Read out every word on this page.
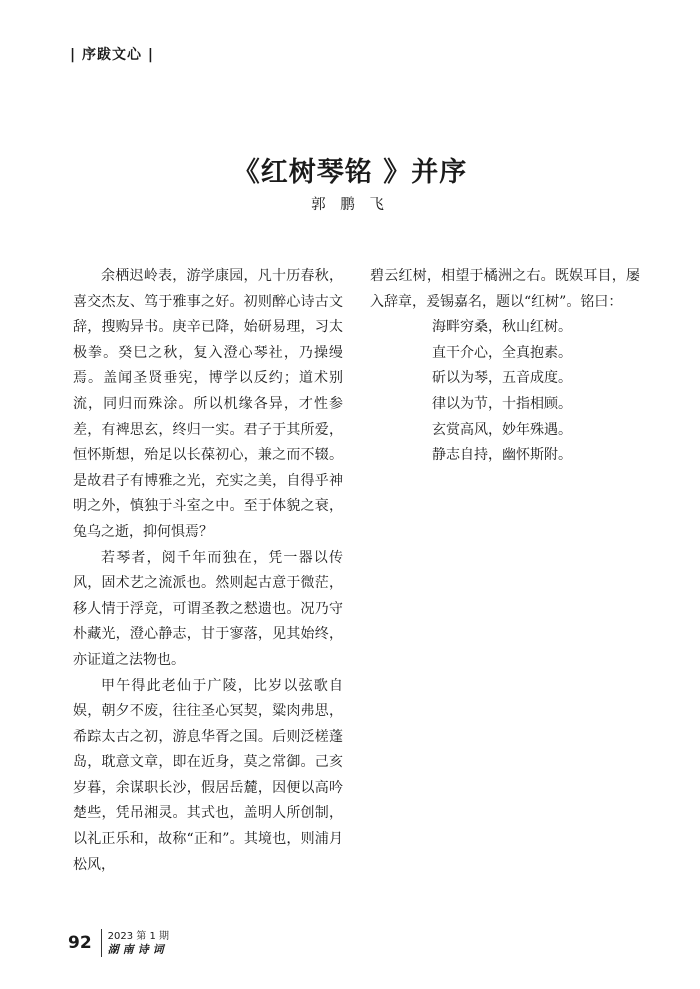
| 序跋文心 |
《红树琴铭 》并序
郭 鹏 飞

余栖迟岭表，游学康园，凡十历春秋，喜交杰友、笃于雅事之好。初则醉心诗古文辞，搜购异书。庚辛已降，始研易理，习太极拳。癸巳之秋，复入澄心琴社，乃操缦焉。盖闻圣贤垂宪，博学以反约；道术别流，同归而殊涂。所以机缘各异，才性参差，有裨思玄，终归一实。君子于其所爱，恒怀斯想，殆足以长葆初心，兼之而不辍。是故君子有博雅之光，充实之美，自得乎神明之外，慎独于斗室之中。至于体貌之衰，兔乌之逝，抑何惧焉？

若琴者，阅千年而独在，凭一器以传风，固术艺之流派也。然则起古意于微茫，移人情于浮竞，可谓圣教之慭遗也。况乃守朴藏光，澄心静志，甘于寥落，见其始终，亦证道之法物也。

甲午得此老仙于广陵，比岁以弦歌自娱，朝夕不废，往往圣心冥契，粱肉弗思，希踪太古之初，游息华胥之国。后则泛槎蓬岛，耽意文章，即在近身，莫之常御。己亥岁暮，余谋职长沙，假居岳麓，因便以高吟楚些，凭吊湘灵。其式也，盖明人所创制，以礼正乐和，故称“正和”。其境也，则浦月松风，

碧云红树，相望于橘洲之右。既娱耳目，屡入辞章，爰锡嘉名，题以“红树”。铭曰：

海畔穷桑，秋山红树。

直干介心，全真抱素。

斫以为琴，五音成度。

律以为节，十指相顾。

玄赏高风，妙年殊遇。

静志自持，幽怀斯附。

92 2023 第 1 期
湖南诗词
